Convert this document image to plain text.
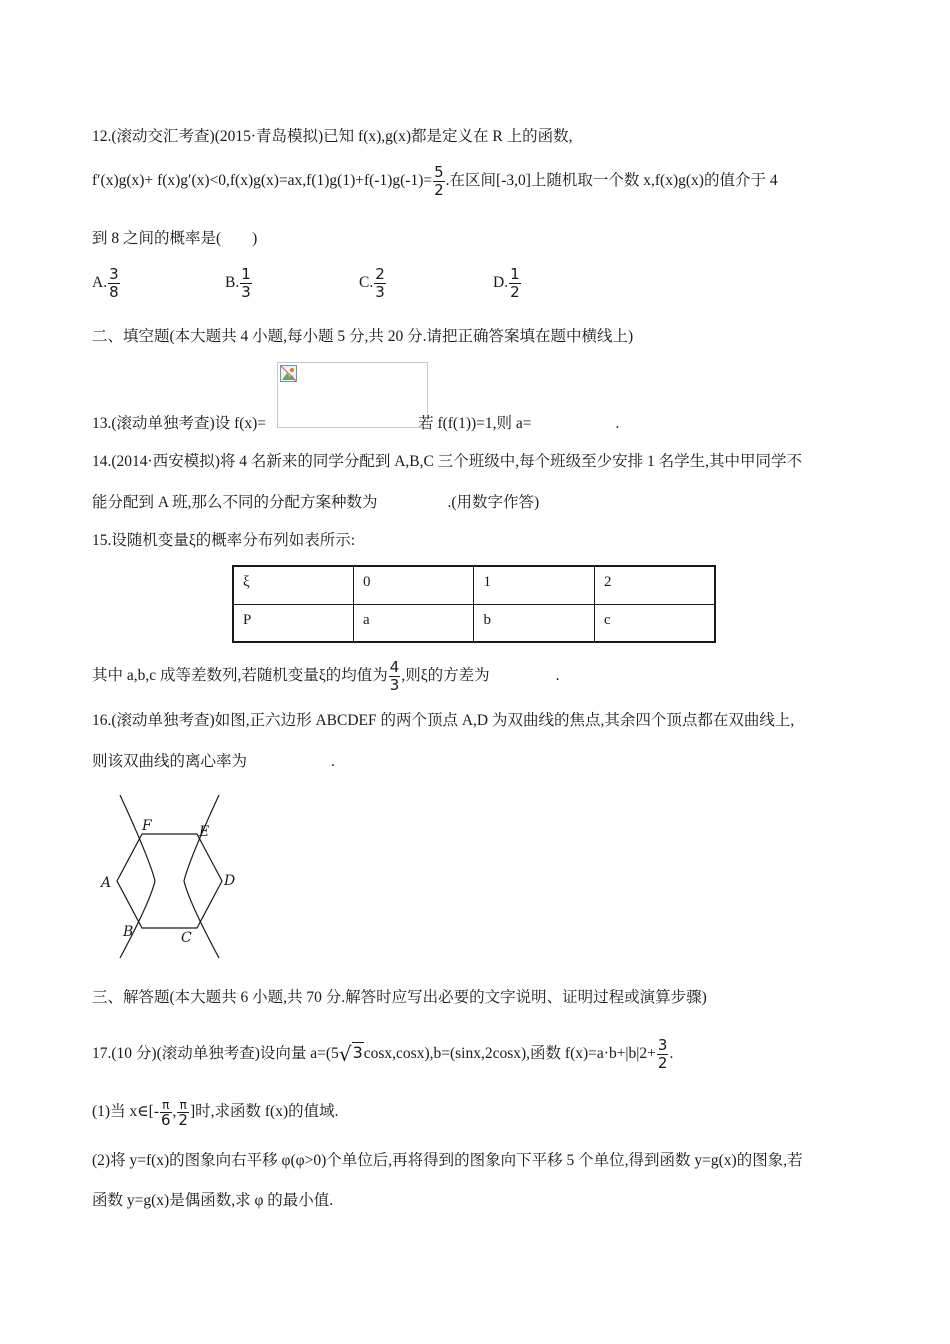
12.(滚动交汇考查)(2015·青岛模拟)已知 f(x),g(x)都是定义在 R 上的函数,
$f'(x)g(x)+ f(x)g'(x)<0,f(x)g(x)=ax,f(1)g(1)+f(-1)g(-1)= \frac{5}{2}$ .在区间[-3,0]上随机取一个数 x,f(x)g(x)的值介于 4
到 8 之间的概率是(　　)
A. $\frac{3}{8}$	B. $\frac{1}{3}$	C. $\frac{2}{3}$	D. $\frac{1}{2}$
二、填空题(本大题共 4 小题,每小题 5 分,共 20 分.请把正确答案填在题中横线上)
13.(滚动单独考查)设 f(x)=	若 f(f(1))=1,则 a=	.
14.(2014·西安模拟)将 4 名新来的同学分配到 A,B,C 三个班级中,每个班级至少安排 1 名学生,其中甲同学不
能分配到 A 班,那么不同的分配方案种数为	.(用数字作答)
15.设随机变量ξ的概率分布列如表所示:
ξ	0	1	2
P	a	b	c
其中 a,b,c 成等差数列,若随机变量ξ的均值为 $\frac{4}{3}$ ,则ξ的方差为	.
16.(滚动单独考查)如图,正六边形 ABCDEF 的两个顶点 A,D 为双曲线的焦点,其余四个顶点都在双曲线上,
则该双曲线的离心率为	.
F	E
A	D
B	C
三、解答题(本大题共 6 小题,共 70 分.解答时应写出必要的文字说明、证明过程或演算步骤)
17.(10 分)(滚动单独考查)设向量 a=(5√3cosx,cosx),b=(sinx,2cosx),函数 $f(x)=a\cdot b+|b|2+ \frac{3}{2}$ .
(1)当 x∈[- $\frac{\pi}{6}$ , $\frac{\pi}{2}$ ]时,求函数 f(x)的值域.
(2)将 y=f(x)的图象向右平移 φ(φ>0)个单位后,再将得到的图象向下平移 5 个单位,得到函数 y=g(x)的图象,若
函数 y=g(x)是偶函数,求 φ 的最小值.
